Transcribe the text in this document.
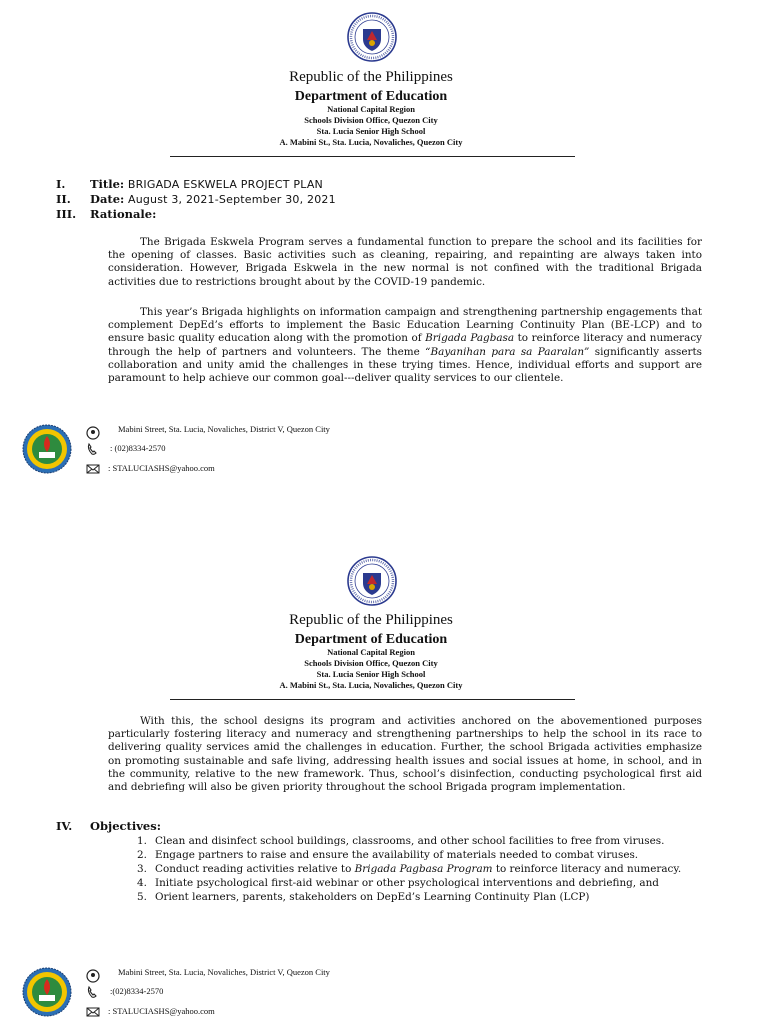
Republic of the Philippines
Department of Education
National Capital Region
Schools Division Office, Quezon City
Sta. Lucia Senior High School
A. Mabini St., Sta. Lucia, Novaliches, Quezon City
I. Title: BRIGADA ESKWELA PROJECT PLAN
II. Date: August 3, 2021-September 30, 2021
III. Rationale:

The Brigada Eskwela Program serves a fundamental function to prepare the school and its facilities for the opening of classes. Basic activities such as cleaning, repairing, and repainting are always taken into consideration. However, Brigada Eskwela in the new normal is not confined with the traditional Brigada activities due to restrictions brought about by the COVID-19 pandemic.

This year’s Brigada highlights on information campaign and strengthening partnership engagements that complement DepEd’s efforts to implement the Basic Education Learning Continuity Plan (BE-LCP) and to ensure basic quality education along with the promotion of Brigada Pagbasa to reinforce literacy and numeracy through the help of partners and volunteers. The theme “Bayanihan para sa Paaralan” significantly asserts collaboration and unity amid the challenges in these trying times. Hence, individual efforts and support are paramount to help achieve our common goal---deliver quality services to our clientele.

Mabini Street, Sta. Lucia, Novaliches, District V, Quezon City
: (02)8334-2570
: STALUCIASHS@yahoo.com
Republic of the Philippines
Department of Education
National Capital Region
Schools Division Office, Quezon City
Sta. Lucia Senior High School
A. Mabini St., Sta. Lucia, Novaliches, Quezon City

With this, the school designs its program and activities anchored on the abovementioned purposes particularly fostering literacy and numeracy and strengthening partnerships to help the school in its race to delivering quality services amid the challenges in education. Further, the school Brigada activities emphasize on promoting sustainable and safe living, addressing health issues and social issues at home, in school, and in the community, relative to the new framework. Thus, school’s disinfection, conducting psychological first aid and debriefing will also be given priority throughout the school Brigada program implementation.

IV. Objectives:
1. Clean and disinfect school buildings, classrooms, and other school facilities to free from viruses.
2. Engage partners to raise and ensure the availability of materials needed to combat viruses.
3. Conduct reading activities relative to Brigada Pagbasa Program to reinforce literacy and numeracy.
4. Initiate psychological first-aid webinar or other psychological interventions and debriefing, and
5. Orient learners, parents, stakeholders on DepEd’s Learning Continuity Plan (LCP)
Mabini Street, Sta. Lucia, Novaliches, District V, Quezon City
:(02)8334-2570
: STALUCIASHS@yahoo.com
